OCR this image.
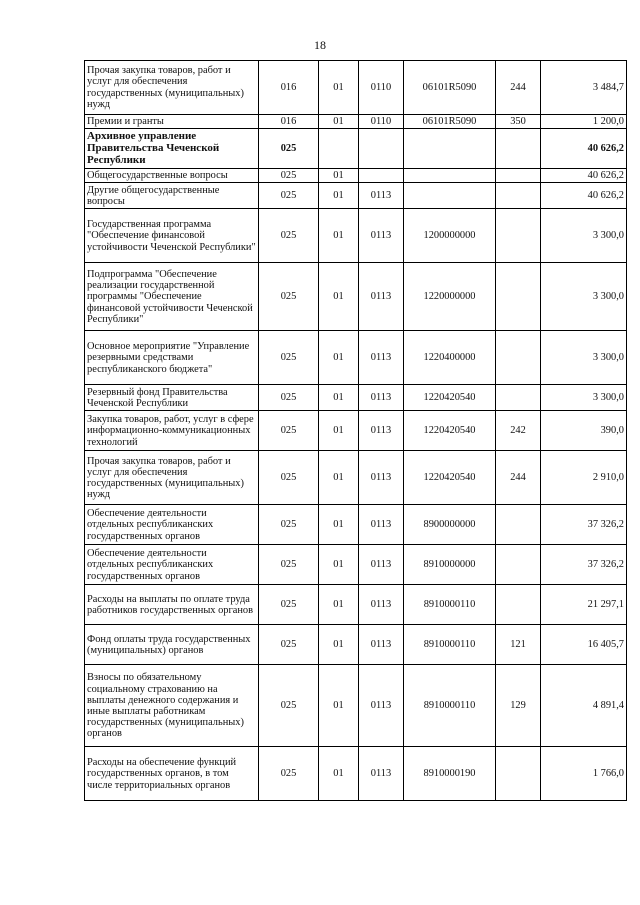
18
Прочая закупка товаров, работ и услуг для обеспечения государственных (муниципальных) нужд	016	01	0110	06101R5090	244	3 484,7
Премии и гранты	016	01	0110	06101R5090	350	1 200,0
Архивное управление Правительства Чеченской Республики	025					40 626,2
Общегосударственные вопросы	025	01				40 626,2
Другие общегосударственные вопросы	025	01	0113			40 626,2
Государственная программа "Обеспечение финансовой устойчивости Чеченской Республики"	025	01	0113	1200000000		3 300,0
Подпрограмма "Обеспечение реализации государственной программы "Обеспечение финансовой устойчивости Чеченской Республики"	025	01	0113	1220000000		3 300,0
Основное мероприятие "Управление резервными средствами республиканского бюджета"	025	01	0113	1220400000		3 300,0
Резервный фонд Правительства Чеченской Республики	025	01	0113	1220420540		3 300,0
Закупка товаров, работ, услуг в сфере информационно-коммуникационных технологий	025	01	0113	1220420540	242	390,0
Прочая закупка товаров, работ и услуг для обеспечения государственных (муниципальных) нужд	025	01	0113	1220420540	244	2 910,0
Обеспечение деятельности отдельных республиканских государственных органов	025	01	0113	8900000000		37 326,2
Обеспечение деятельности отдельных республиканских государственных органов	025	01	0113	8910000000		37 326,2
Расходы на выплаты по оплате труда работников государственных органов	025	01	0113	8910000110		21 297,1
Фонд оплаты труда государственных (муниципальных) органов	025	01	0113	8910000110	121	16 405,7
Взносы по обязательному социальному страхованию на выплаты денежного содержания и иные выплаты работникам государственных (муниципальных) органов	025	01	0113	8910000110	129	4 891,4
Расходы на обеспечение функций государственных органов, в том числе территориальных органов	025	01	0113	8910000190		1 766,0
